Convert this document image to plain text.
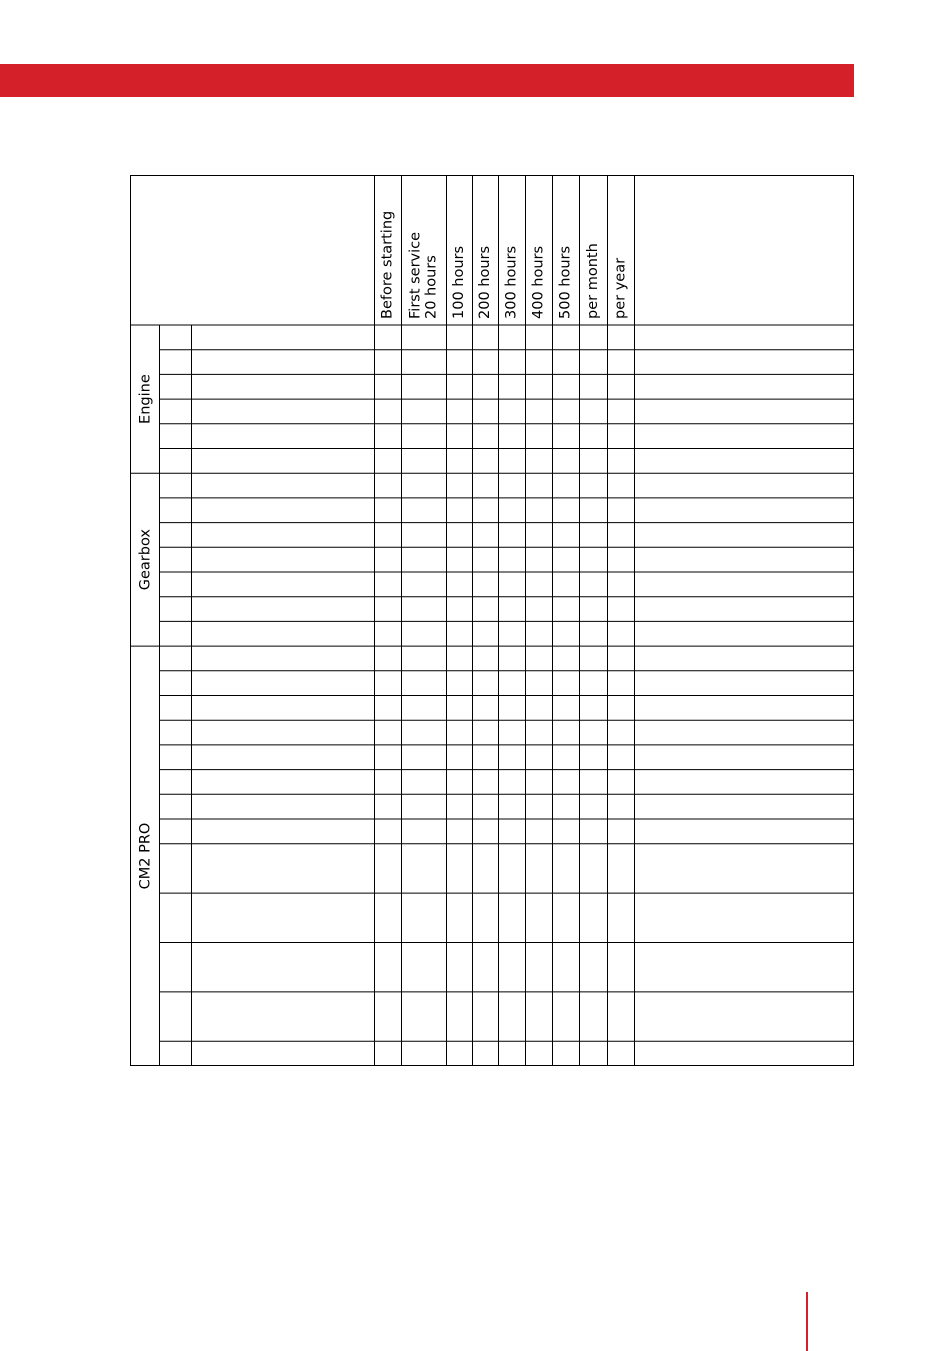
Before starting First service 20 hours 100 hours 200 hours 300 hours 400 hours 500 hours per month per year
Engine
Gearbox
CM2 PRO
